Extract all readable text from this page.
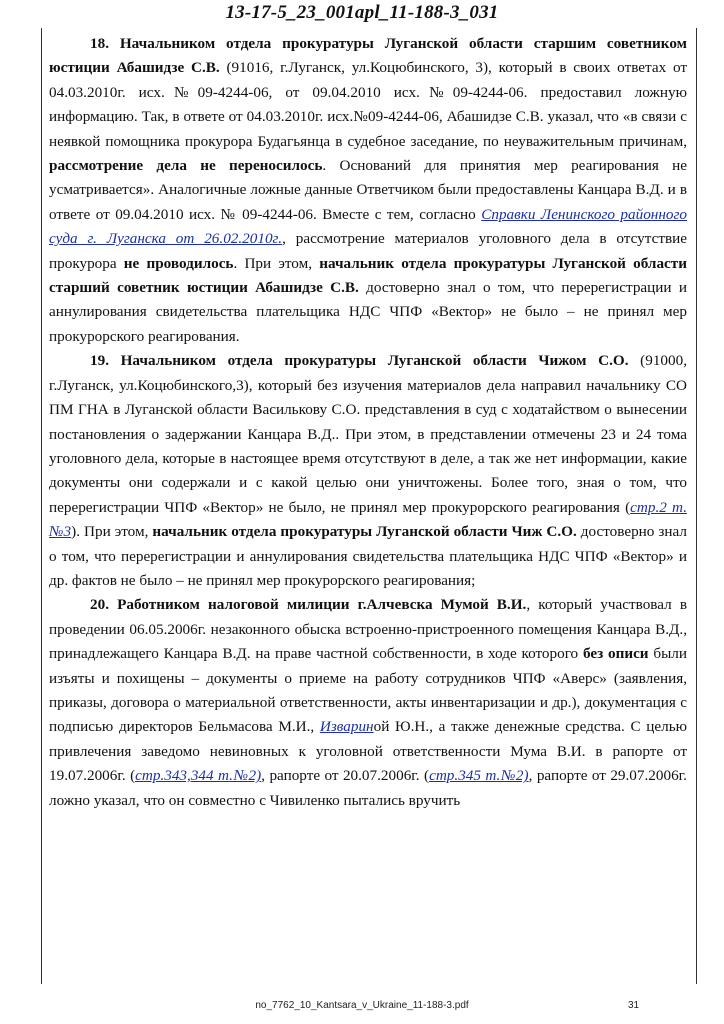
13-17-5_23_001apl_11-188-3_031

18. Начальником отдела прокуратуры Луганской области старшим советником юстиции Абашидзе С.В. (91016, г.Луганск, ул.Коцюбинского, 3), который в своих ответах от 04.03.2010г. исх.№09-4244-06, от 09.04.2010 исх.№09-4244-06. предоставил ложную информацию. Так, в ответе от 04.03.2010г. исх.№09-4244-06, Абашидзе С.В. указал, что «в связи с неявкой помощника прокурора Будагьянца в судебное заседание, по неуважительным причинам, рассмотрение дела не переносилось. Оснований для принятия мер реагирования не усматривается». Аналогичные ложные данные Ответчиком были предоставлены Канцара В.Д. и в ответе от 09.04.2010 исх. № 09-4244-06. Вместе с тем, согласно Справки Ленинского районного суда г. Луганска от 26.02.2010г., рассмотрение материалов уголовного дела в отсутствие прокурора не проводилось. При этом, начальник отдела прокуратуры Луганской области старший советник юстиции Абашидзе С.В. достоверно знал о том, что перерегистрации и аннулирования свидетельства плательщика НДС ЧПФ «Вектор» не было – не принял мер прокурорского реагирования.

19. Начальником отдела прокуратуры Луганской области Чижом С.О. (91000, г.Луганск, ул.Коцюбинского,3), который без изучения материалов дела направил начальнику СО ПМ ГНА в Луганской области Василькову С.О. представления в суд с ходатайством о вынесении постановления о задержании Канцара В.Д.. При этом, в представлении отмечены 23 и 24 тома уголовного дела, которые в настоящее время отсутствуют в деле, а так же нет информации, какие документы они содержали и с какой целью они уничтожены. Более того, зная о том, что перерегистрации ЧПФ «Вектор» не было, не принял мер прокурорского реагирования (стр.2 т.№3). При этом, начальник отдела прокуратуры Луганской области Чиж С.О. достоверно знал о том, что перерегистрации и аннулирования свидетельства плательщика НДС ЧПФ «Вектор» и др. фактов не было – не принял мер прокурорского реагирования;

20. Работником налоговой милиции г.Алчевска Мумой В.И., который участвовал в проведении 06.05.2006г. незаконного обыска встроенно-пристроенного помещения Канцара В.Д., принадлежащего Канцара В.Д. на праве частной собственности, в ходе которого без описи были изъяты и похищены – документы о приеме на работу сотрудников ЧПФ «Аверс» (заявления, приказы, договора о материальной ответственности, акты инвентаризации и др.), документация с подписью директоров Бельмасова М.И., Извариной Ю.Н., а также денежные средства. С целью привлечения заведомо невиновных к уголовной ответственности Мума В.И. в рапорте от 19.07.2006г. (стр.343,344 т.№2), рапорте от 20.07.2006г. (стр.345 т.№2), рапорте от 29.07.2006г. ложно указал, что он совместно с Чивиленко пытались вручить

no_7762_10_Kantsara_v_Ukraine_11-188-3.pdf	31
